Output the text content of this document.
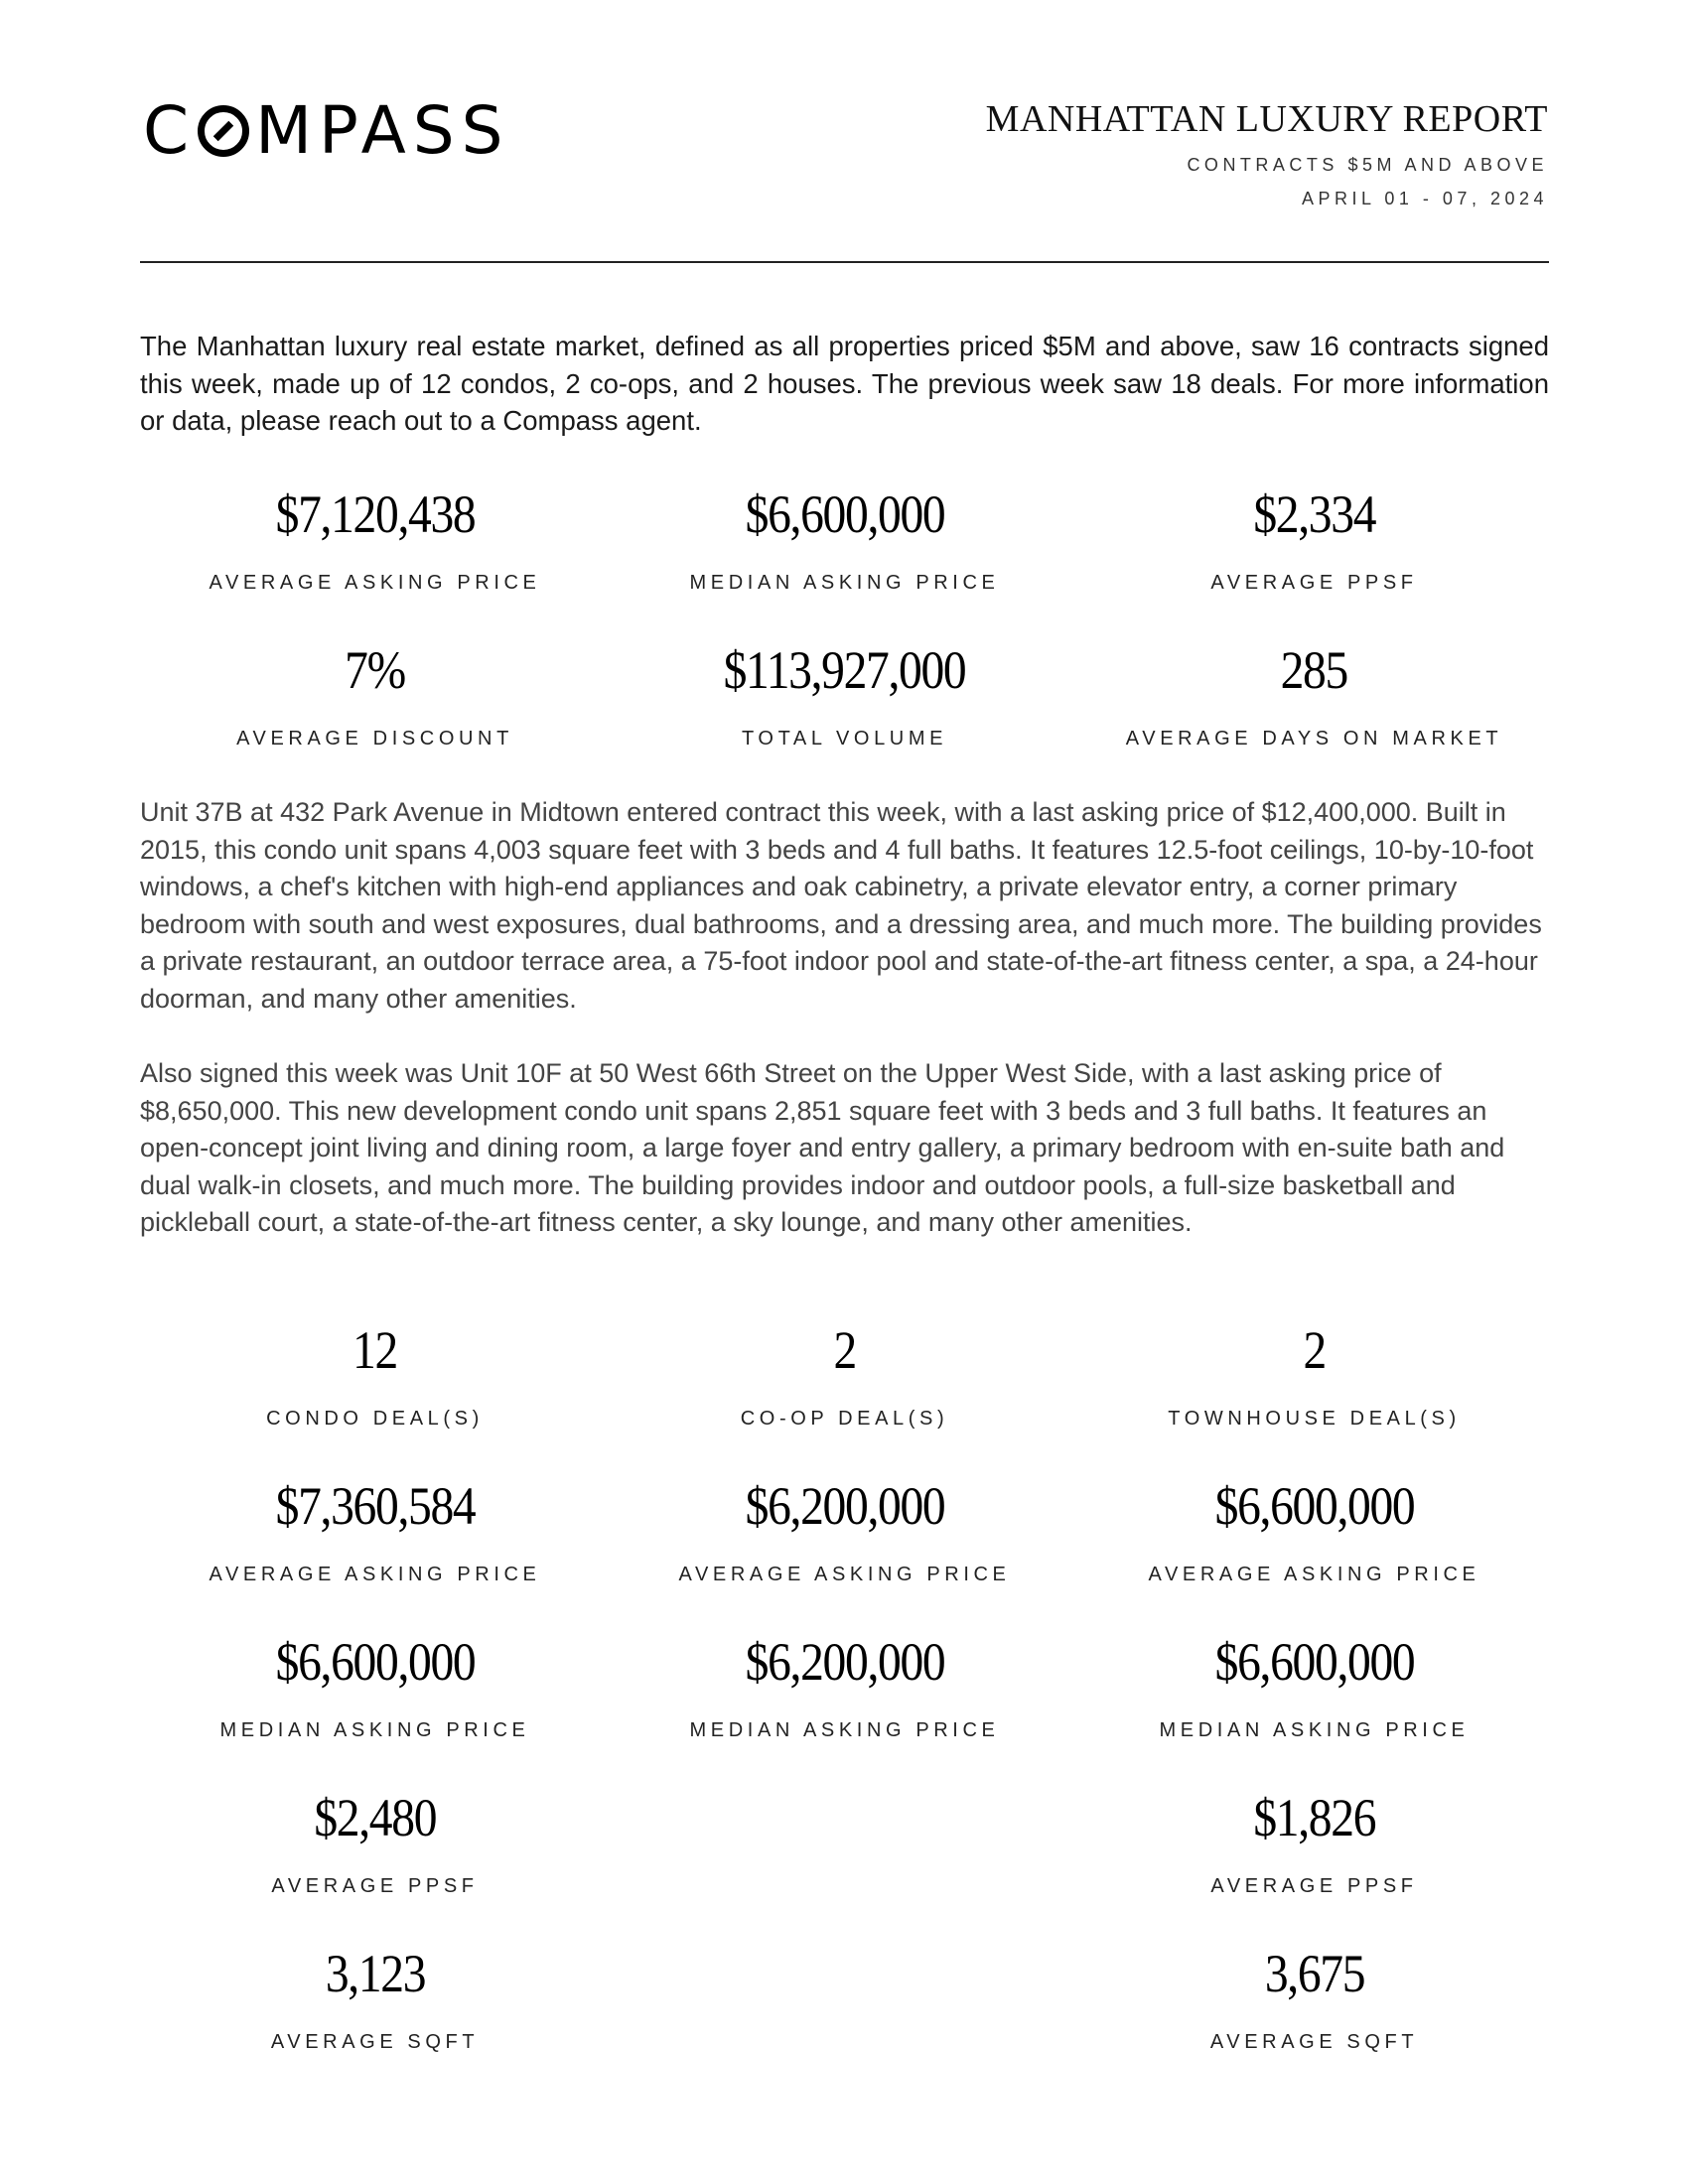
C MPASS	MANHATTAN LUXURY REPORT
CONTRACTS $5M AND ABOVE
APRIL 01 - 07, 2024

The Manhattan luxury real estate market, defined as all properties priced $5M and above, saw 16 contracts signed this week, made up of 12 condos, 2 co-ops, and 2 houses. The previous week saw 18 deals. For more information or data, please reach out to a Compass agent.

$7,120,438
AVERAGE ASKING PRICE
$6,600,000
MEDIAN ASKING PRICE
$2,334
AVERAGE PPSF
7%
AVERAGE DISCOUNT
$113,927,000
TOTAL VOLUME
285
AVERAGE DAYS ON MARKET

Unit 37B at 432 Park Avenue in Midtown entered contract this week, with a last asking price of $12,400,000. Built in 2015, this condo unit spans 4,003 square feet with 3 beds and 4 full baths. It features 12.5-foot ceilings, 10-by-10-foot windows, a chef's kitchen with high-end appliances and oak cabinetry, a private elevator entry, a corner primary bedroom with south and west exposures, dual bathrooms, and a dressing area, and much more. The building provides a private restaurant, an outdoor terrace area, a 75-foot indoor pool and state-of-the-art fitness center, a spa, a 24-hour doorman, and many other amenities.

Also signed this week was Unit 10F at 50 West 66th Street on the Upper West Side, with a last asking price of $8,650,000. This new development condo unit spans 2,851 square feet with 3 beds and 3 full baths. It features an open-concept joint living and dining room, a large foyer and entry gallery, a primary bedroom with en-suite bath and dual walk-in closets, and much more. The building provides indoor and outdoor pools, a full-size basketball and pickleball court, a state-of-the-art fitness center, a sky lounge, and many other amenities.

12
CONDO DEAL(S)
2
CO-OP DEAL(S)
2
TOWNHOUSE DEAL(S)
$7,360,584
AVERAGE ASKING PRICE
$6,200,000
AVERAGE ASKING PRICE
$6,600,000
AVERAGE ASKING PRICE
$6,600,000
MEDIAN ASKING PRICE
$6,200,000
MEDIAN ASKING PRICE
$6,600,000
MEDIAN ASKING PRICE
$2,480
AVERAGE PPSF
$1,826
AVERAGE PPSF
3,123
AVERAGE SQFT
3,675
AVERAGE SQFT
